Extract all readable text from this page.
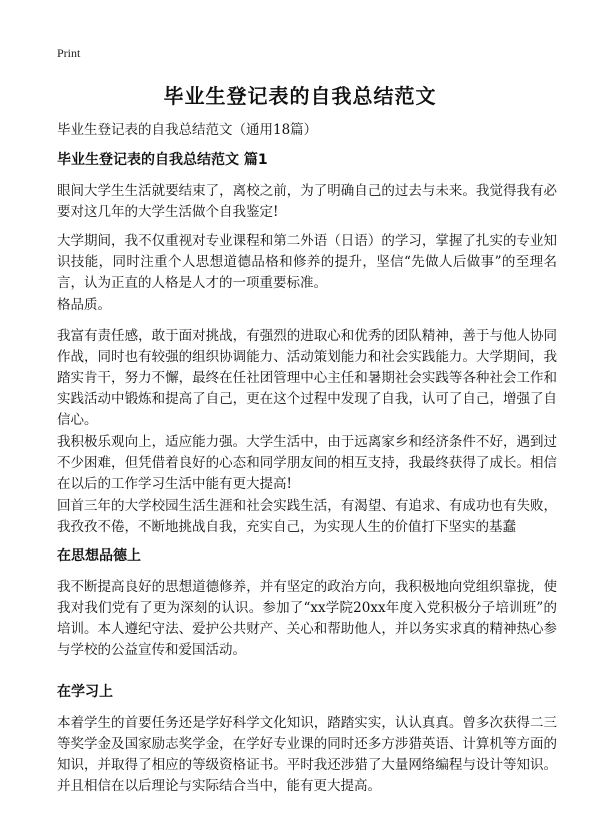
Print
毕业生登记表的自我总结范文
毕业生登记表的自我总结范文（通用18篇）
毕业生登记表的自我总结范文 篇1
眼间大学生生活就要结束了，离校之前，为了明确自己的过去与未来。我觉得我有必要对这几年的大学生活做个自我鉴定!
大学期间，我不仅重视对专业课程和第二外语（日语）的学习，掌握了扎实的专业知识技能，同时注重个人思想道德品格和修养的提升，坚信“先做人后做事”的至理名言，认为正直的人格是人才的一项重要标准。
格品质。
我富有责任感，敢于面对挑战，有强烈的进取心和优秀的团队精神，善于与他人协同作战，同时也有较强的组织协调能力、活动策划能力和社会实践能力。大学期间，我踏实肯干，努力不懈，最终在任社团管理中心主任和暑期社会实践等各种社会工作和实践活动中锻炼和提高了自己，更在这个过程中发现了自我，认可了自己，增强了自信心。
我积极乐观向上，适应能力强。大学生活中，由于远离家乡和经济条件不好，遇到过不少困难，但凭借着良好的心态和同学朋友间的相互支持，我最终获得了成长。相信在以后的工作学习生活中能有更大提高!
回首三年的大学校园生活生涯和社会实践生活，有渴望、有追求、有成功也有失败，我孜孜不倦，不断地挑战自我，充实自己，为实现人生的价值打下坚实的基蠢
在思想品德上
我不断提高良好的思想道德修养，并有坚定的政治方向，我积极地向党组织靠拢，使我对我们党有了更为深刻的认识。参加了“xx学院20xx年度入党积极分子培训班”的培训。本人遵纪守法、爱护公共财产、关心和帮助他人，并以务实求真的精神热心参与学校的公益宣传和爱国活动。
在学习上
本着学生的首要任务还是学好科学文化知识，踏踏实实，认认真真。曾多次获得二三等奖学金及国家励志奖学金，在学好专业课的同时还多方涉猎英语、计算机等方面的知识，并取得了相应的等级资格证书。平时我还涉猎了大量网络编程与设计等知识。并且相信在以后理论与实际结合当中，能有更大提高。
